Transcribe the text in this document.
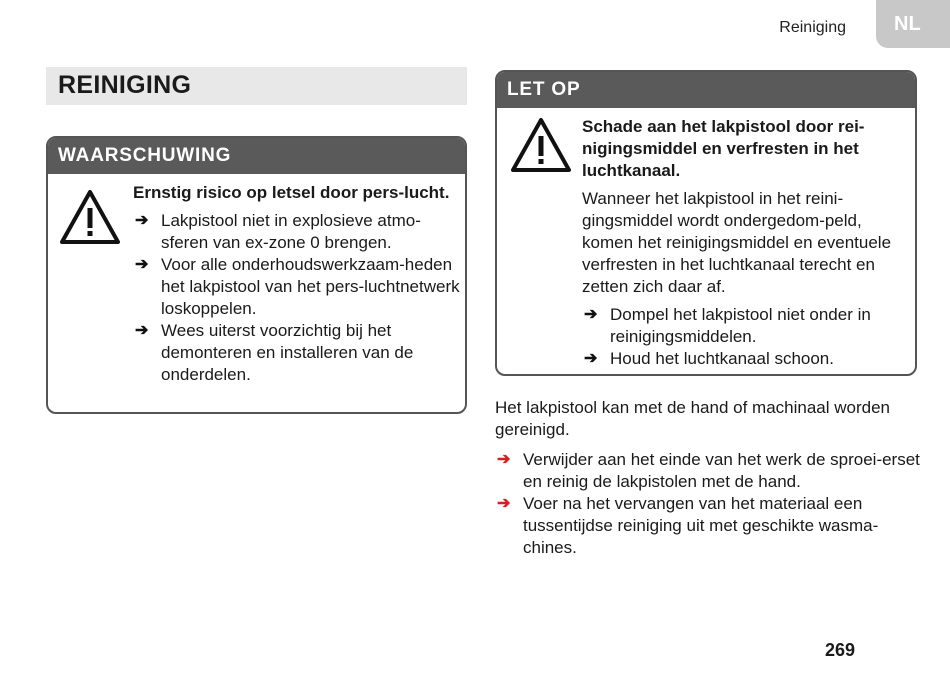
Reiniging NL
REINIGING
WAARSCHUWING
Ernstig risico op letsel door pers-lucht.
➔ Lakpistool niet in explosieve atmo-sferen van ex-zone 0 brengen.
➔ Voor alle onderhoudswerkzaam-heden het lakpistool van het pers-luchtnetwerk loskoppelen.
➔ Wees uiterst voorzichtig bij het demonteren en installeren van de onderdelen.
LET OP
Schade aan het lakpistool door rei-nigingsmiddel en verfresten in het luchtkanaal.
Wanneer het lakpistool in het reini-gingsmiddel wordt ondergedom-peld, komen het reinigingsmiddel en eventuele verfresten in het luchtkanaal terecht en zetten zich daar af.
➔ Dompel het lakpistool niet onder in reinigingsmiddelen.
➔ Houd het luchtkanaal schoon.
Het lakpistool kan met de hand of machinaal worden gereinigd.
➔ Verwijder aan het einde van het werk de sproei-erset en reinig de lakpistolen met de hand.
➔ Voer na het vervangen van het materiaal een tussentijdse reiniging uit met geschikte wasma-chines.
269
